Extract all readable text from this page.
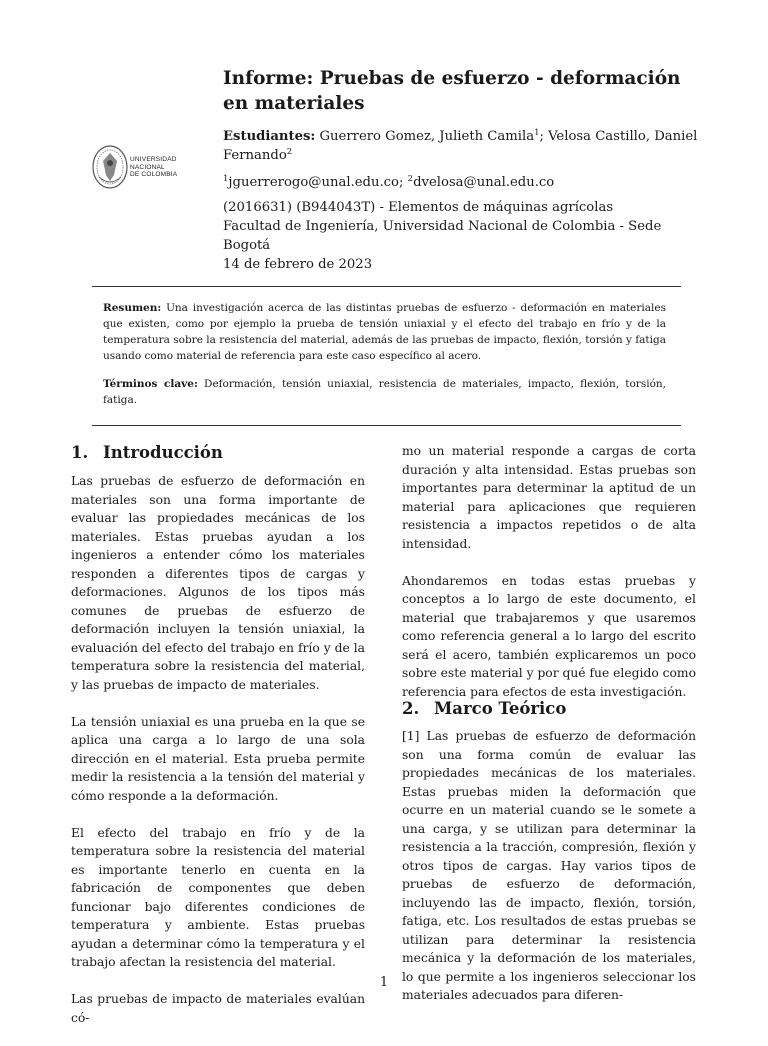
Informe: Pruebas de esfuerzo - deformación en materiales
UNIVERSIDAD
NACIONAL
DE COLOMBIA
Estudiantes: Guerrero Gomez, Julieth Camila$^1$; Velosa Castillo, Daniel Fernando$^2$
$^1$jguerrerogo@unal.edu.co; $^2$dvelosa@unal.edu.co
(2016631) (B944043T) - Elementos de máquinas agrícolas
Facultad de Ingeniería, Universidad Nacional de Colombia - Sede Bogotá
14 de febrero de 2023
Resumen: Una investigación acerca de las distintas pruebas de esfuerzo - deformación en materiales que existen, como por ejemplo la prueba de tensión uniaxial y el efecto del trabajo en frío y de la temperatura sobre la resistencia del material, además de las pruebas de impacto, flexión, torsión y fatiga usando como material de referencia para este caso específico al acero.
Términos clave: Deformación, tensión uniaxial, resistencia de materiales, impacto, flexión, torsión, fatiga.
1. Introducción

Las pruebas de esfuerzo de deformación en materiales son una forma importante de evaluar las propiedades mecánicas de los materiales. Estas pruebas ayudan a los ingenieros a entender cómo los materiales responden a diferentes tipos de cargas y deformaciones. Algunos de los tipos más comunes de pruebas de esfuerzo de deformación incluyen la tensión uniaxial, la evaluación del efecto del trabajo en frío y de la temperatura sobre la resistencia del material, y las pruebas de impacto de materiales.

La tensión uniaxial es una prueba en la que se aplica una carga a lo largo de una sola dirección en el material. Esta prueba permite medir la resistencia a la tensión del material y cómo responde a la deformación.

El efecto del trabajo en frío y de la temperatura sobre la resistencia del material es importante tenerlo en cuenta en la fabricación de componentes que deben funcionar bajo diferentes condiciones de temperatura y ambiente. Estas pruebas ayudan a determinar cómo la temperatura y el trabajo afectan la resistencia del material.

Las pruebas de impacto de materiales evalúan có-

mo un material responde a cargas de corta duración y alta intensidad. Estas pruebas son importantes para determinar la aptitud de un material para aplicaciones que requieren resistencia a impactos repetidos o de alta intensidad.

Ahondaremos en todas estas pruebas y conceptos a lo largo de este documento, el material que trabajaremos y que usaremos como referencia general a lo largo del escrito será el acero, también explicaremos un poco sobre este material y por qué fue elegido como referencia para efectos de esta investigación.

2. Marco Teórico

[1] Las pruebas de esfuerzo de deformación son una forma común de evaluar las propiedades mecánicas de los materiales. Estas pruebas miden la deformación que ocurre en un material cuando se le somete a una carga, y se utilizan para determinar la resistencia a la tracción, compresión, flexión y otros tipos de cargas. Hay varios tipos de pruebas de esfuerzo de deformación, incluyendo las de impacto, flexión, torsión, fatiga, etc. Los resultados de estas pruebas se utilizan para determinar la resistencia mecánica y la deformación de los materiales, lo que permite a los ingenieros seleccionar los materiales adecuados para diferen-

1
